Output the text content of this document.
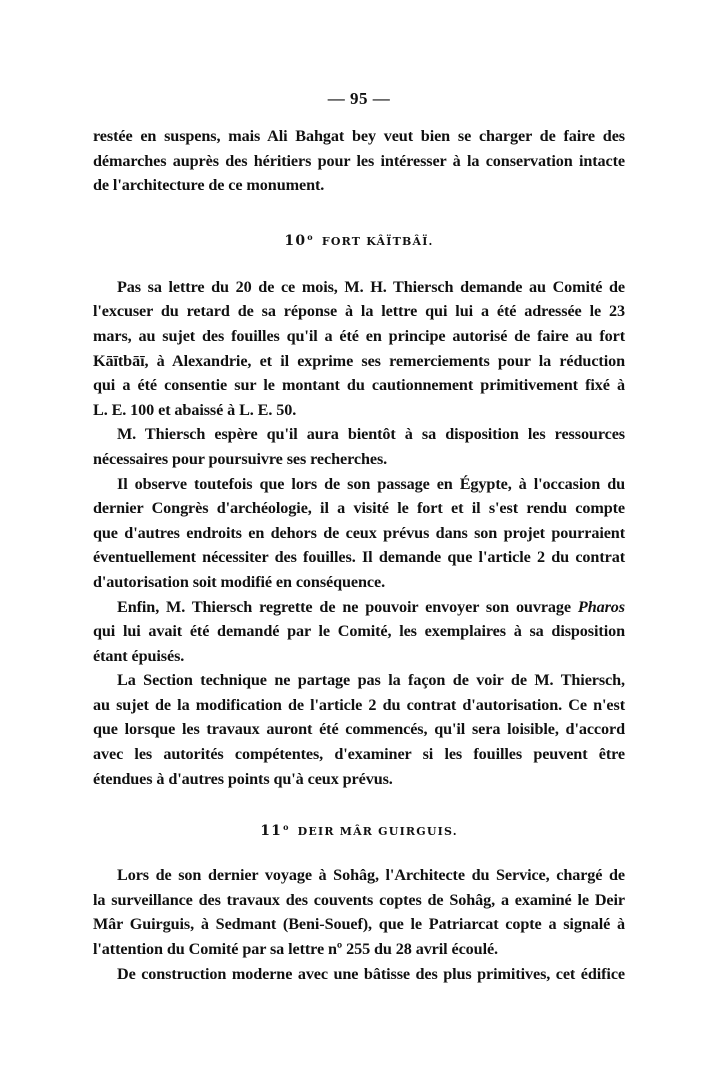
— 95 —

restée en suspens, mais Ali Bahgat bey veut bien se charger de faire des
démarches auprès des héritiers pour les intéresser à la conservation intacte
de l'architecture de ce monument.

10$^o$ FORT KÂÏTBÂÏ.

Pas sa lettre du 20 de ce mois, M. H. Thiersch demande au Comité de
l'excuser du retard de sa réponse à la lettre qui lui a été adressée le 23
mars, au sujet des fouilles qu'il a été en principe autorisé de faire au fort
Kāītbāī, à Alexandrie, et il exprime ses remerciements pour la réduction
qui a été consentie sur le montant du cautionnement primitivement fixé à
L. E. 100 et abaissé à L. E. 50.

M. Thiersch espère qu'il aura bientôt à sa disposition les ressources
nécessaires pour poursuivre ses recherches.

Il observe toutefois que lors de son passage en Égypte, à l'occasion du
dernier Congrès d'archéologie, il a visité le fort et il s'est rendu compte
que d'autres endroits en dehors de ceux prévus dans son projet pourraient
éventuellement nécessiter des fouilles. Il demande que l'article 2 du contrat
d'autorisation soit modifié en conséquence.

Enfin, M. Thiersch regrette de ne pouvoir envoyer son ouvrage Pharos
qui lui avait été demandé par le Comité, les exemplaires à sa disposition
étant épuisés.

La Section technique ne partage pas la façon de voir de M. Thiersch,
au sujet de la modification de l'article 2 du contrat d'autorisation. Ce n'est
que lorsque les travaux auront été commencés, qu'il sera loisible, d'accord
avec les autorités compétentes, d'examiner si les fouilles peuvent être
étendues à d'autres points qu'à ceux prévus.

11$^o$ DEIR MÂR GUIRGUIS.

Lors de son dernier voyage à Sohâg, l'Architecte du Service, chargé de
la surveillance des travaux des couvents coptes de Sohâg, a examiné le Deir
Mâr Guirguis, à Sedmant (Beni-Souef), que le Patriarcat copte a signalé à
l'attention du Comité par sa lettre nº 255 du 28 avril écoulé.

De construction moderne avec une bâtisse des plus primitives, cet édifice
